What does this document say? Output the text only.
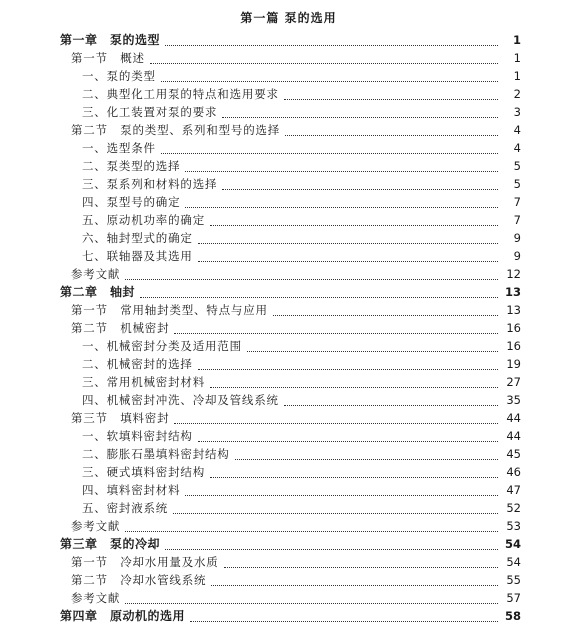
第一篇 泵的选用
第一章　泵的选型	1
第一节　概述	1
一、泵的类型	1
二、典型化工用泵的特点和选用要求	2
三、化工装置对泵的要求	3
第二节　泵的类型、系列和型号的选择	4
一、选型条件	4
二、泵类型的选择	5
三、泵系列和材料的选择	5
四、泵型号的确定	7
五、原动机功率的确定	7
六、轴封型式的确定	9
七、联轴器及其选用	9
参考文献	12
第二章　轴封	13
第一节　常用轴封类型、特点与应用	13
第二节　机械密封	16
一、机械密封分类及适用范围	16
二、机械密封的选择	19
三、常用机械密封材料	27
四、机械密封冲洗、冷却及管线系统	35
第三节　填料密封	44
一、软填料密封结构	44
二、膨胀石墨填料密封结构	45
三、硬式填料密封结构	46
四、填料密封材料	47
五、密封液系统	52
参考文献	53
第三章　泵的冷却	54
第一节　冷却水用量及水质	54
第二节　冷却水管线系统	55
参考文献	57
第四章　原动机的选用	58
